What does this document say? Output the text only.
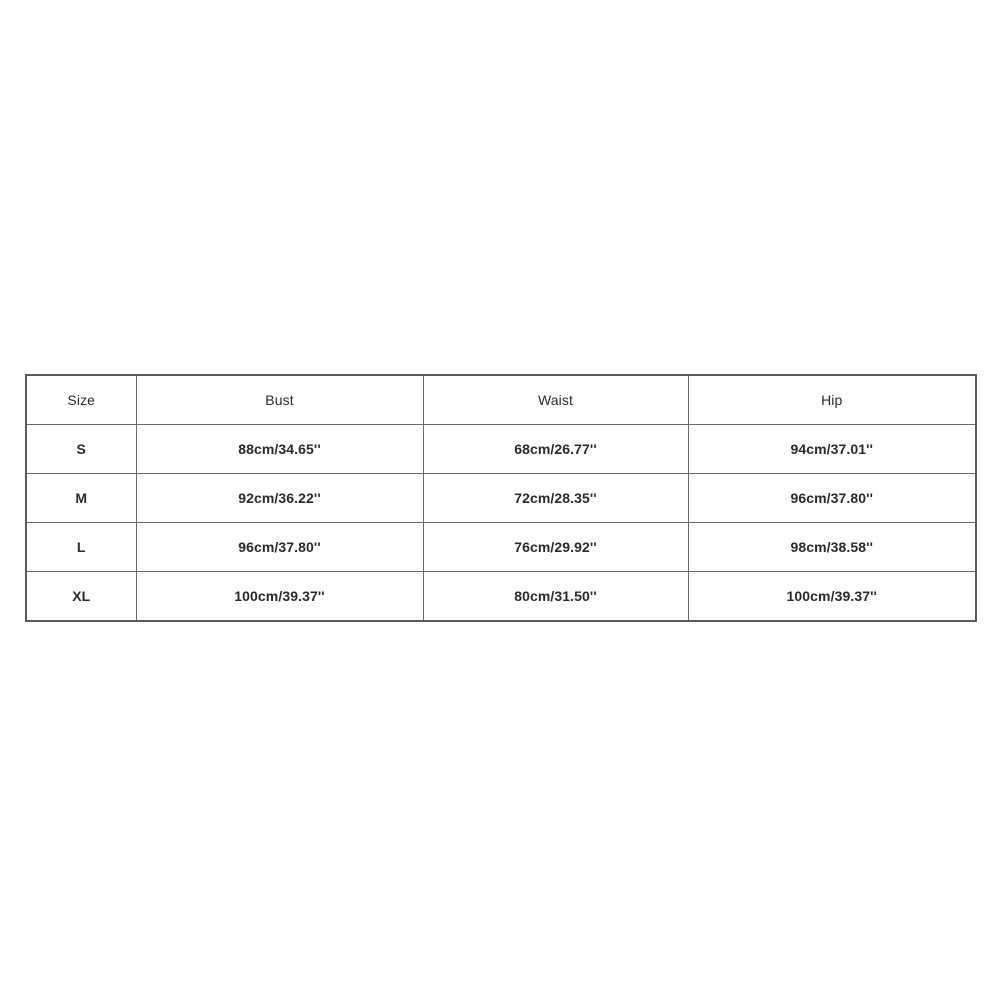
Size	Bust	Waist	Hip
S	88cm/34.65''	68cm/26.77''	94cm/37.01''
M	92cm/36.22''	72cm/28.35''	96cm/37.80''
L	96cm/37.80''	76cm/29.92''	98cm/38.58''
XL	100cm/39.37''	80cm/31.50''	100cm/39.37''
